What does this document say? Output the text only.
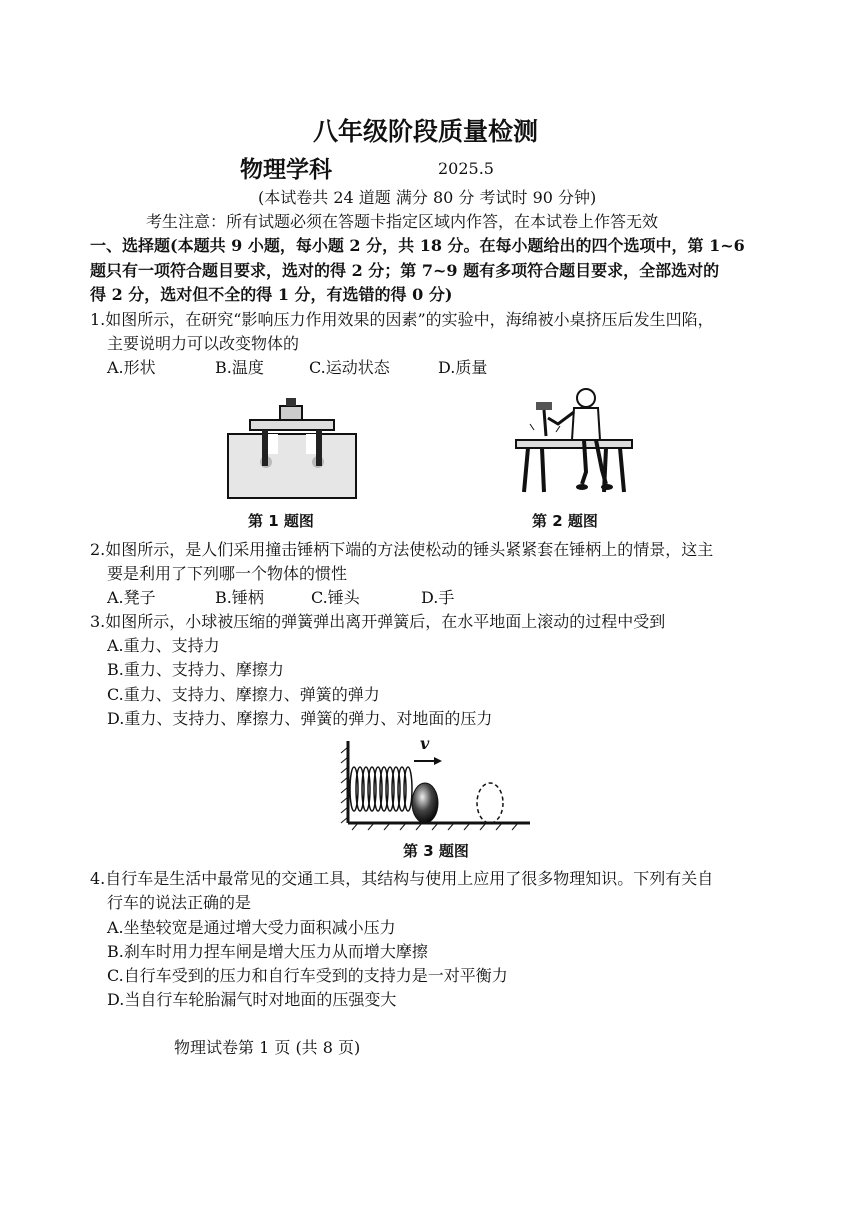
八年级阶段质量检测
物理学科	2025.5
(本试卷共 24 道题 满分 80 分 考试时 90 分钟)
考生注意：所有试题必须在答题卡指定区域内作答，在本试卷上作答无效
一、选择题(本题共 9 小题，每小题 2 分，共 18 分。在每小题给出的四个选项中，第 1~6
题只有一项符合题目要求，选对的得 2 分；第 7~9 题有多项符合题目要求，全部选对的
得 2 分，选对但不全的得 1 分，有选错的得 0 分)
1.如图所示，在研究“影响压力作用效果的因素”的实验中，海绵被小桌挤压后发生凹陷，
主要说明力可以改变物体的
A.形状	B.温度	C.运动状态	D.质量
第 1 题图	第 2 题图
2.如图所示，是人们采用撞击锤柄下端的方法使松动的锤头紧紧套在锤柄上的情景，这主
要是利用了下列哪一个物体的惯性
A.凳子	B.锤柄	C.锤头	D.手
3.如图所示，小球被压缩的弹簧弹出离开弹簧后，在水平地面上滚动的过程中受到
A.重力、支持力
B.重力、支持力、摩擦力
C.重力、支持力、摩擦力、弹簧的弹力
D.重力、支持力、摩擦力、弹簧的弹力、对地面的压力
v
第 3 题图
4.自行车是生活中最常见的交通工具，其结构与使用上应用了很多物理知识。下列有关自
行车的说法正确的是
A.坐垫较宽是通过增大受力面积减小压力
B.刹车时用力捏车闸是增大压力从而增大摩擦
C.自行车受到的压力和自行车受到的支持力是一对平衡力
D.当自行车轮胎漏气时对地面的压强变大
物理试卷第 1 页 (共 8 页)
